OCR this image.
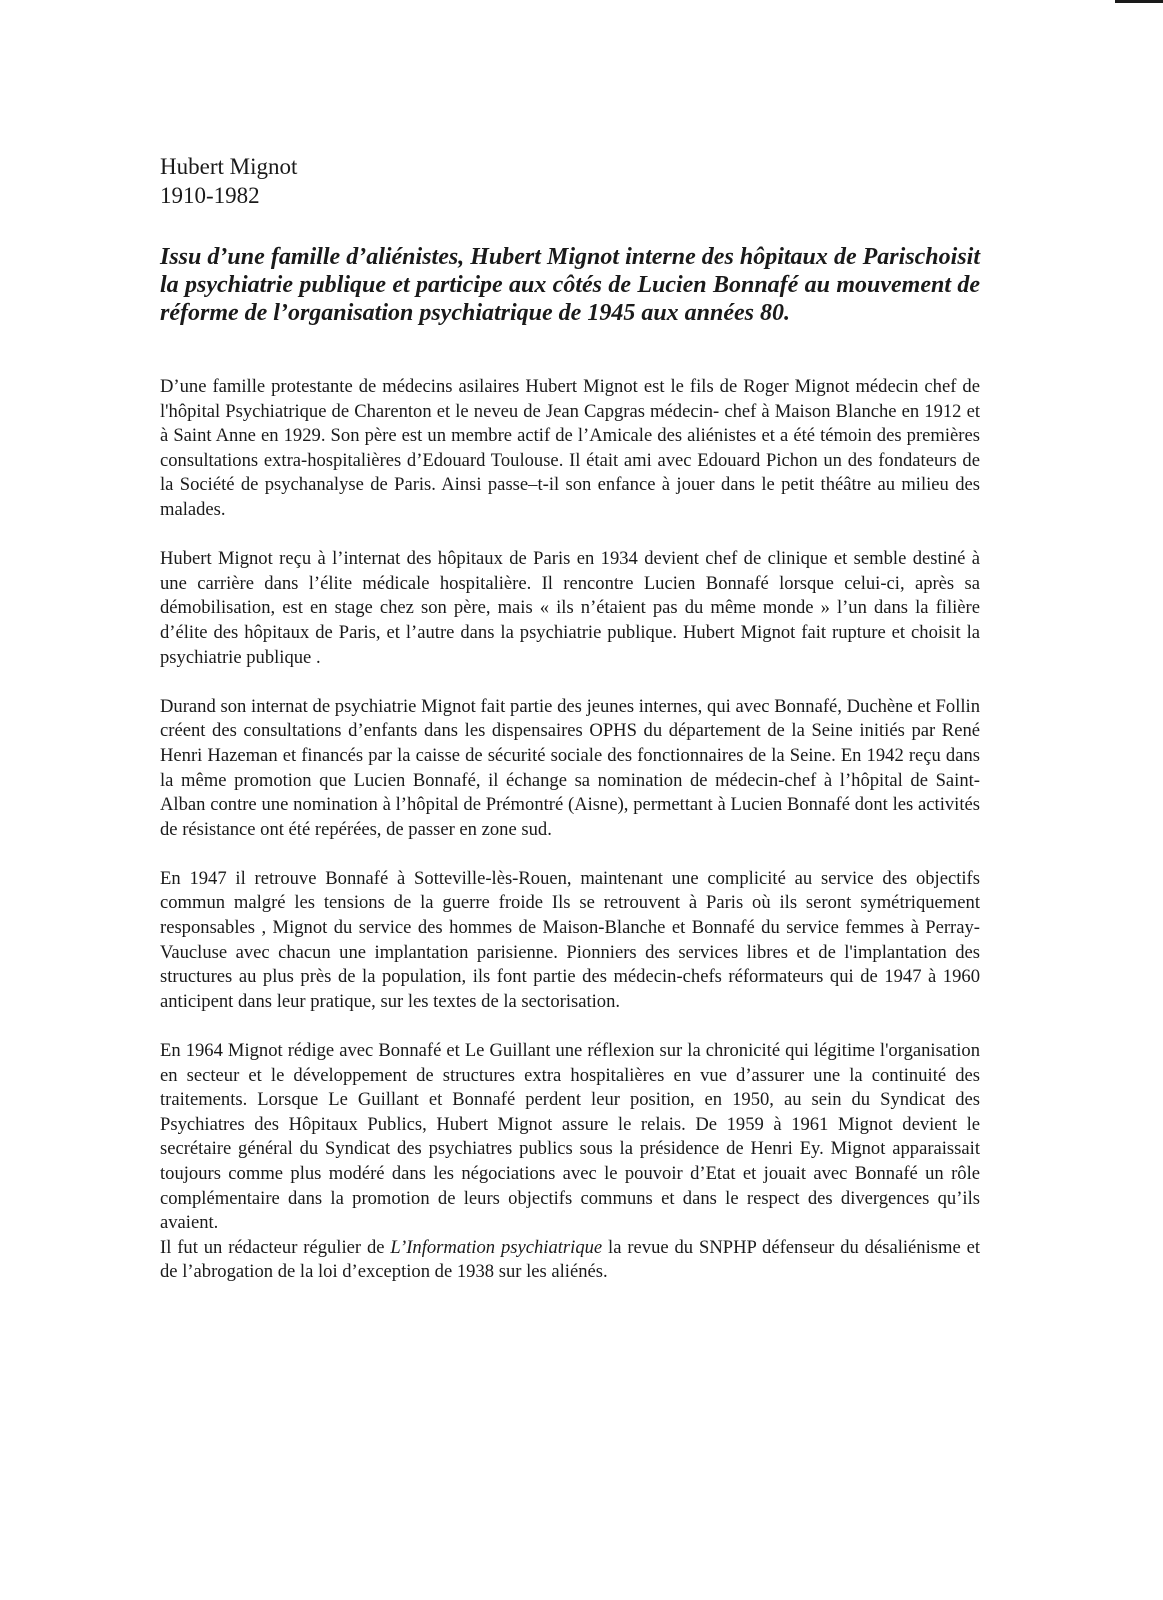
Hubert Mignot

1910-1982

Issu d’une famille d’aliénistes, Hubert Mignot interne des hôpitaux de Parischoisit la psychiatrie publique et participe aux côtés de Lucien Bonnafé au mouvement de réforme de l’organisation psychiatrique de 1945 aux années 80.

D’une famille protestante de médecins asilaires Hubert Mignot est le fils de Roger Mignot médecin chef de l'hôpital Psychiatrique de Charenton et le neveu de Jean Capgras médecin- chef à Maison Blanche en 1912 et à Saint Anne en 1929. Son père est un membre actif de l’Amicale des aliénistes et a été témoin des premières consultations extra-hospitalières d’Edouard Toulouse. Il était ami avec Edouard Pichon un des fondateurs de la Société de psychanalyse de Paris. Ainsi passe–t-il son enfance à jouer dans le petit théâtre au milieu des malades.

Hubert Mignot reçu à l’internat des hôpitaux de Paris en 1934 devient chef de clinique et semble destiné à une carrière dans l’élite médicale hospitalière. Il rencontre Lucien Bonnafé lorsque celui-ci, après sa démobilisation, est en stage chez son père, mais « ils n’étaient pas du même monde » l’un dans la filière d’élite des hôpitaux de Paris, et l’autre dans la psychiatrie publique. Hubert Mignot fait rupture et choisit la psychiatrie publique .

Durand son internat de psychiatrie Mignot fait partie des jeunes internes, qui avec Bonnafé, Duchène et Follin créent des consultations d’enfants dans les dispensaires OPHS du département de la Seine initiés par René Henri Hazeman et financés par la caisse de sécurité sociale des fonctionnaires de la Seine. En 1942 reçu dans la même promotion que Lucien Bonnafé, il échange sa nomination de médecin-chef à l’hôpital de Saint-Alban contre une nomination à l’hôpital de Prémontré (Aisne), permettant à Lucien Bonnafé dont les activités de résistance ont été repérées, de passer en zone sud.

En 1947 il retrouve Bonnafé à Sotteville-lès-Rouen, maintenant une complicité au service des objectifs commun malgré les tensions de la guerre froide Ils se retrouvent à Paris où ils seront symétriquement responsables , Mignot du service des hommes de Maison-Blanche et Bonnafé du service femmes à Perray-Vaucluse avec chacun une implantation parisienne. Pionniers des services libres et de l'implantation des structures au plus près de la population, ils font partie des médecin-chefs réformateurs qui de 1947 à 1960 anticipent dans leur pratique, sur les textes de la sectorisation.

En 1964 Mignot rédige avec Bonnafé et Le Guillant une réflexion sur la chronicité qui légitime l'organisation en secteur et le développement de structures extra hospitalières en vue d’assurer une la continuité des traitements. Lorsque Le Guillant et Bonnafé perdent leur position, en 1950, au sein du Syndicat des Psychiatres des Hôpitaux Publics, Hubert Mignot assure le relais. De 1959 à 1961 Mignot devient le secrétaire général du Syndicat des psychiatres publics sous la présidence de Henri Ey. Mignot apparaissait toujours comme plus modéré dans les négociations avec le pouvoir d’Etat et jouait avec Bonnafé un rôle complémentaire dans la promotion de leurs objectifs communs et dans le respect des divergences qu’ils avaient.

Il fut un rédacteur régulier de L’Information psychiatrique la revue du SNPHP défenseur du désaliénisme et de l’abrogation de la loi d’exception de 1938 sur les aliénés.
